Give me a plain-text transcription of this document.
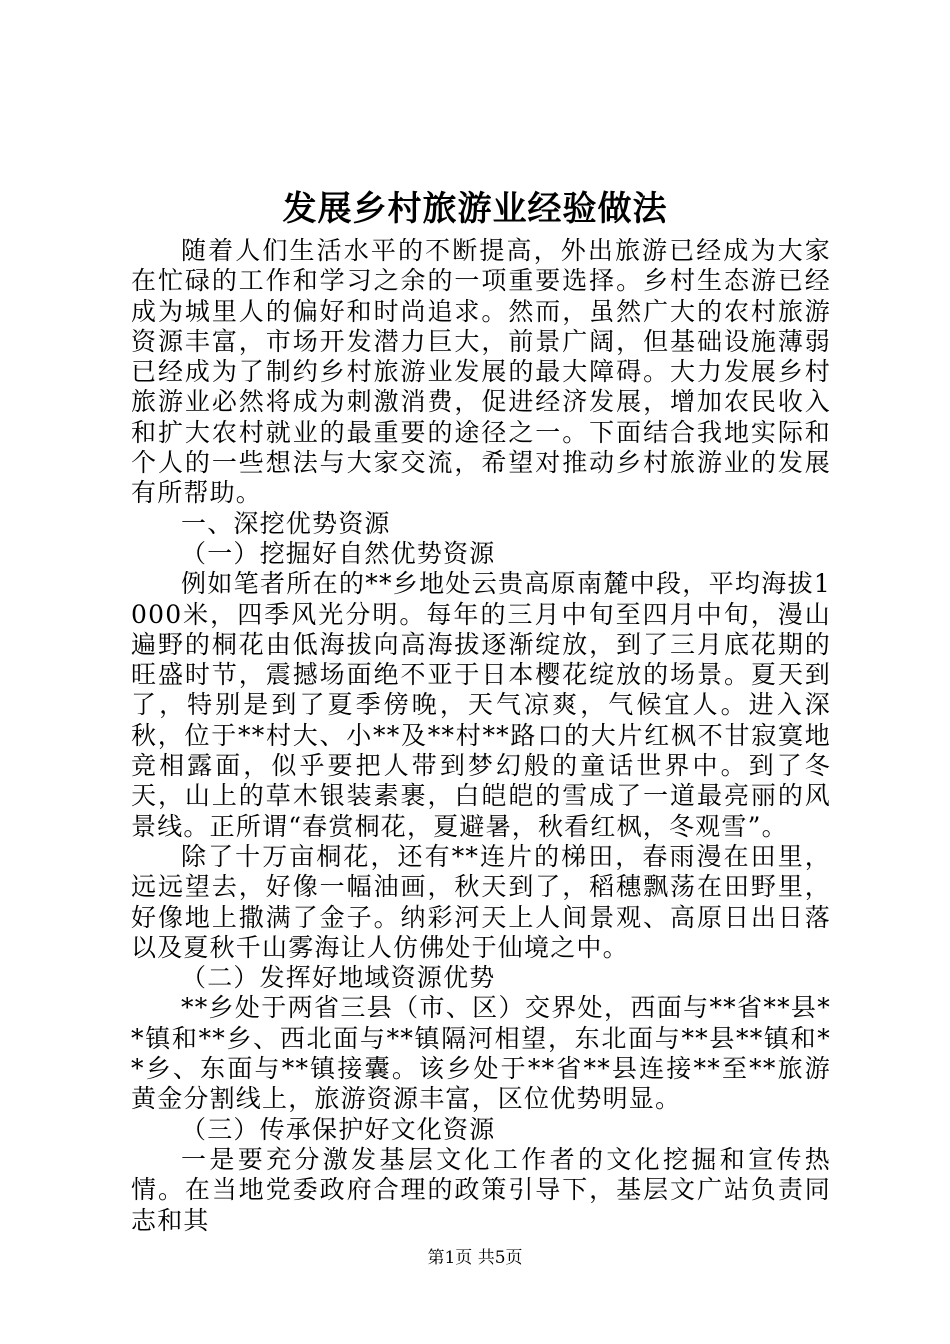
发展乡村旅游业经验做法

随着人们生活水平的不断提高，外出旅游已经成为大家在忙碌的工作和学习之余的一项重要选择。乡村生态游已经成为城里人的偏好和时尚追求。然而，虽然广大的农村旅游资源丰富，市场开发潜力巨大，前景广阔，但基础设施薄弱已经成为了制约乡村旅游业发展的最大障碍。大力发展乡村旅游业必然将成为刺激消费，促进经济发展，增加农民收入和扩大农村就业的最重要的途径之一。下面结合我地实际和个人的一些想法与大家交流，希望对推动乡村旅游业的发展有所帮助。

一、深挖优势资源

（一）挖掘好自然优势资源

例如笔者所在的**乡地处云贵高原南麓中段，平均海拔1000米，四季风光分明。每年的三月中旬至四月中旬，漫山遍野的桐花由低海拔向高海拔逐渐绽放，到了三月底花期的旺盛时节，震撼场面绝不亚于日本樱花绽放的场景。夏天到了，特别是到了夏季傍晚，天气凉爽，气候宜人。进入深秋，位于**村大、小**及**村**路口的大片红枫不甘寂寞地竞相露面，似乎要把人带到梦幻般的童话世界中。到了冬天，山上的草木银装素裹，白皑皑的雪成了一道最亮丽的风景线。正所谓“春赏桐花，夏避暑，秋看红枫，冬观雪”。

除了十万亩桐花，还有**连片的梯田，春雨漫在田里，远远望去，好像一幅油画，秋天到了，稻穗飘荡在田野里，好像地上撒满了金子。纳彩河天上人间景观、高原日出日落以及夏秋千山雾海让人仿佛处于仙境之中。

（二）发挥好地域资源优势

**乡处于两省三县（市、区）交界处，西面与**省**县**镇和**乡、西北面与**镇隔河相望，东北面与**县**镇和**乡、东面与**镇接囊。该乡处于**省**县连接**至**旅游黄金分割线上，旅游资源丰富，区位优势明显。

（三）传承保护好文化资源

一是要充分激发基层文化工作者的文化挖掘和宣传热情。在当地党委政府合理的政策引导下，基层文广站负责同志和其

第1页 共5页
